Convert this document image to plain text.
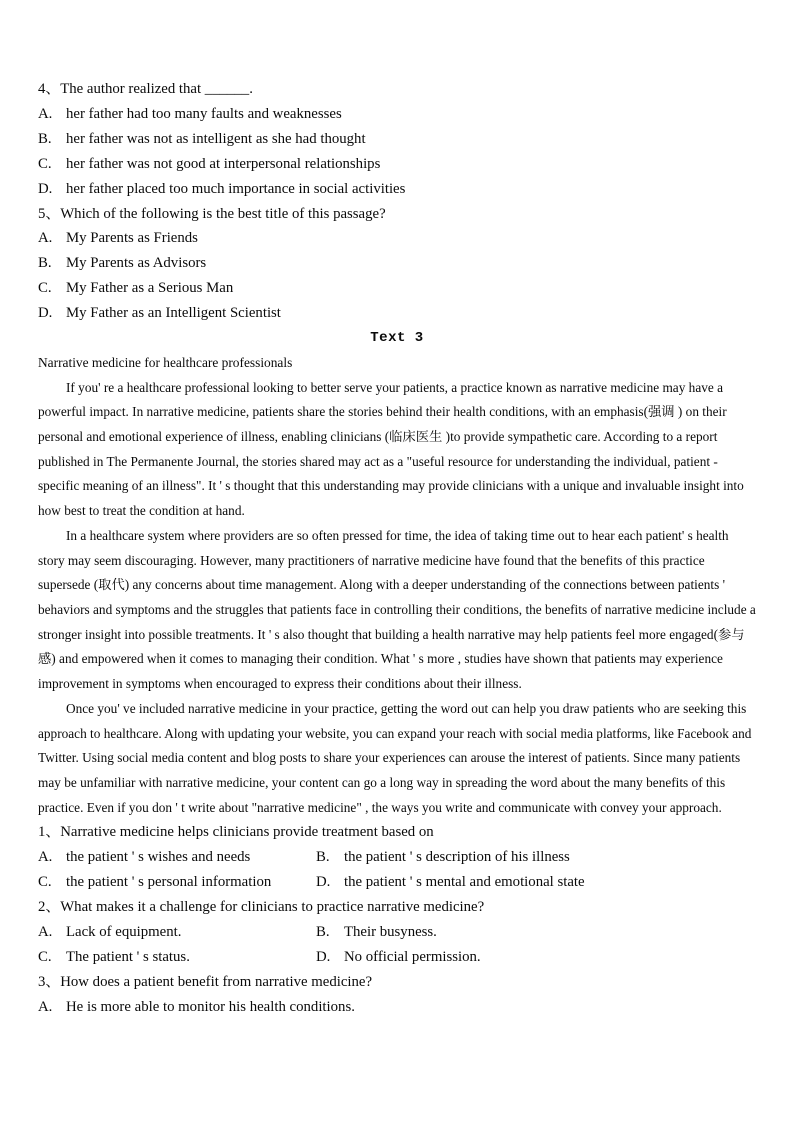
4、The author realized that ______.

A. her father had too many faults and weaknesses

B. her father was not as intelligent as she had thought

C. her father was not good at interpersonal relationships

D. her father placed too much importance in social activities

5、Which of the following is the best title of this passage?

A. My Parents as Friends

B. My Parents as Advisors

C. My Father as a Serious Man

D. My Father as an Intelligent Scientist

Text 3

Narrative medicine for healthcare professionals

If you' re a healthcare professional looking to better serve your patients, a practice known as narrative medicine may have a powerful impact. In narrative medicine, patients share the stories behind their health conditions, with an emphasis(强调 ) on their personal and emotional experience of illness, enabling clinicians (临床医生 )to provide sympathetic care. According to a report published in The Permanente Journal, the stories shared may act as a "useful resource for understanding the individual, patient - specific meaning of an illness". It ' s thought that this understanding may provide clinicians with a unique and invaluable insight into how best to treat the condition at hand.

In a healthcare system where providers are so often pressed for time, the idea of taking time out to hear each patient' s health story may seem discouraging. However, many practitioners of narrative medicine have found that the benefits of this practice supersede (取代) any concerns about time management. Along with a deeper understanding of the connections between patients ' behaviors and symptoms and the struggles that patients face in controlling their conditions, the benefits of narrative medicine include a stronger insight into possible treatments. It ' s also thought that building a health narrative may help patients feel more engaged(参与感) and empowered when it comes to managing their condition. What ' s more , studies have shown that patients may experience improvement in symptoms when encouraged to express their conditions about their illness.

Once you' ve included narrative medicine in your practice, getting the word out can help you draw patients who are seeking this approach to healthcare. Along with updating your website, you can expand your reach with social media platforms, like Facebook and Twitter. Using social media content and blog posts to share your experiences can arouse the interest of patients. Since many patients may be unfamiliar with narrative medicine, your content can go a long way in spreading the word about the many benefits of this practice. Even if you don ' t write about "narrative medicine" , the ways you write and communicate with convey your approach.

1、Narrative medicine helps clinicians provide treatment based on

A. the patient ' s wishes and needs	B. the patient ' s description of his illness

C. the patient ' s personal information	D. the patient ' s mental and emotional state

2、What makes it a challenge for clinicians to practice narrative medicine?

A. Lack of equipment.	B. Their busyness.

C. The patient ' s status.	D. No official permission.

3、How does a patient benefit from narrative medicine?

A. He is more able to monitor his health conditions.
